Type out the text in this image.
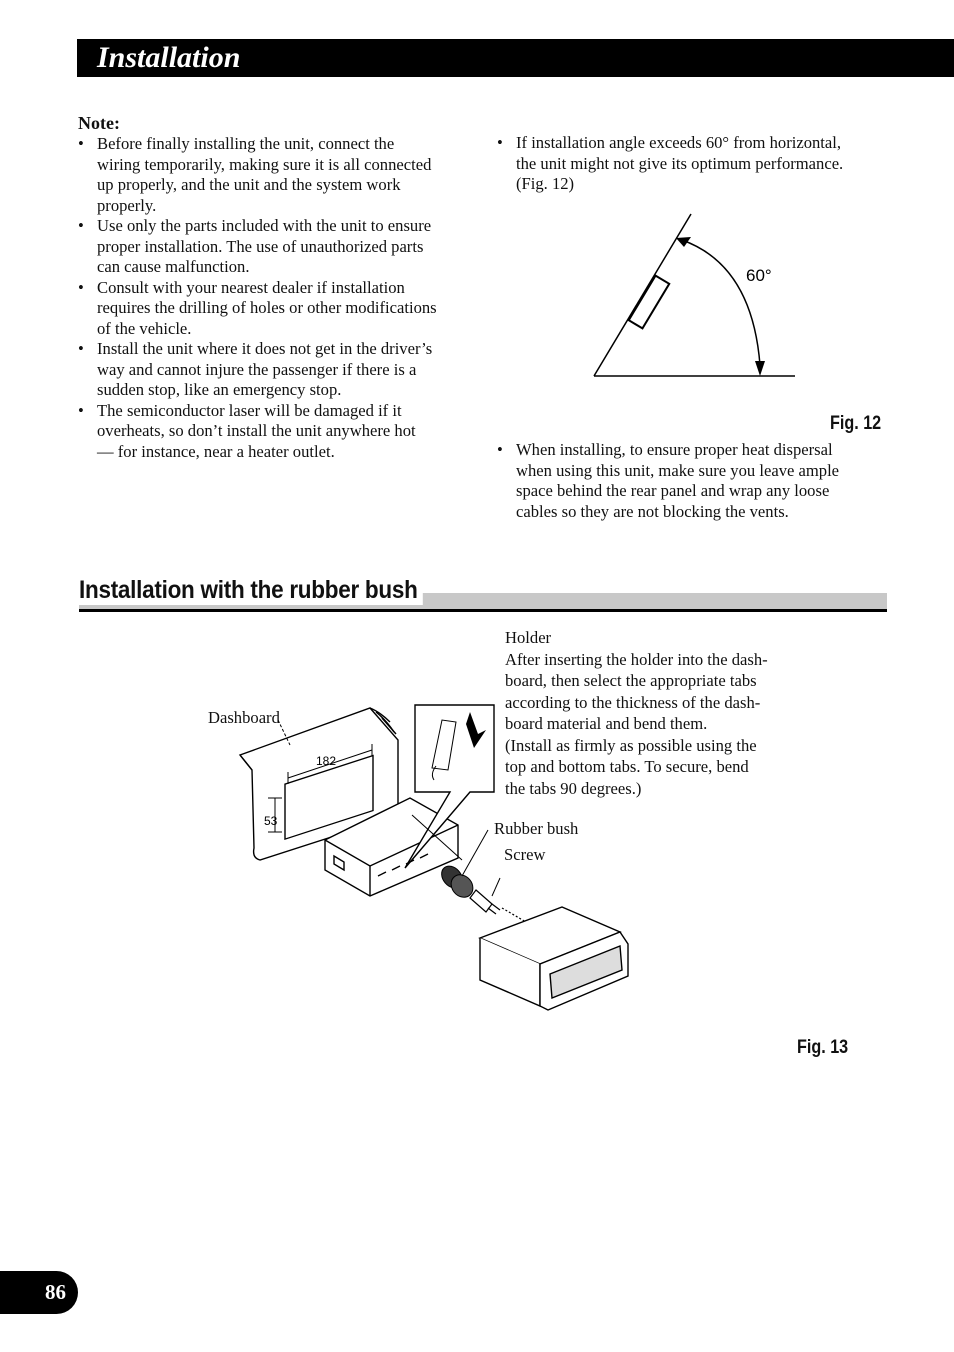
Installation
Note:
• Before finally installing the unit, connect the
wiring temporarily, making sure it is all connected
up properly, and the unit and the system work
properly.
• Use only the parts included with the unit to ensure
proper installation. The use of unauthorized parts
can cause malfunction.
• Consult with your nearest dealer if installation
requires the drilling of holes or other modifications
of the vehicle.
• Install the unit where it does not get in the driver’s
way and cannot injure the passenger if there is a
sudden stop, like an emergency stop.
• The semiconductor laser will be damaged if it
overheats, so don’t install the unit anywhere hot
— for instance, near a heater outlet.
• If installation angle exceeds 60° from horizontal,
the unit might not give its optimum performance.
(Fig. 12)
• When installing, to ensure proper heat dispersal
when using this unit, make sure you leave ample
space behind the rear panel and wrap any loose
cables so they are not blocking the vents.
60°
Fig. 12
Installation with the rubber bush
Holder
After inserting the holder into the dash-
board, then select the appropriate tabs
according to the thickness of the dash-
board material and bend them.
(Install as firmly as possible using the
top and bottom tabs. To secure, bend
the tabs 90 degrees.)
Dashboard
Rubber bush
Screw
182
53
Fig. 13
86
